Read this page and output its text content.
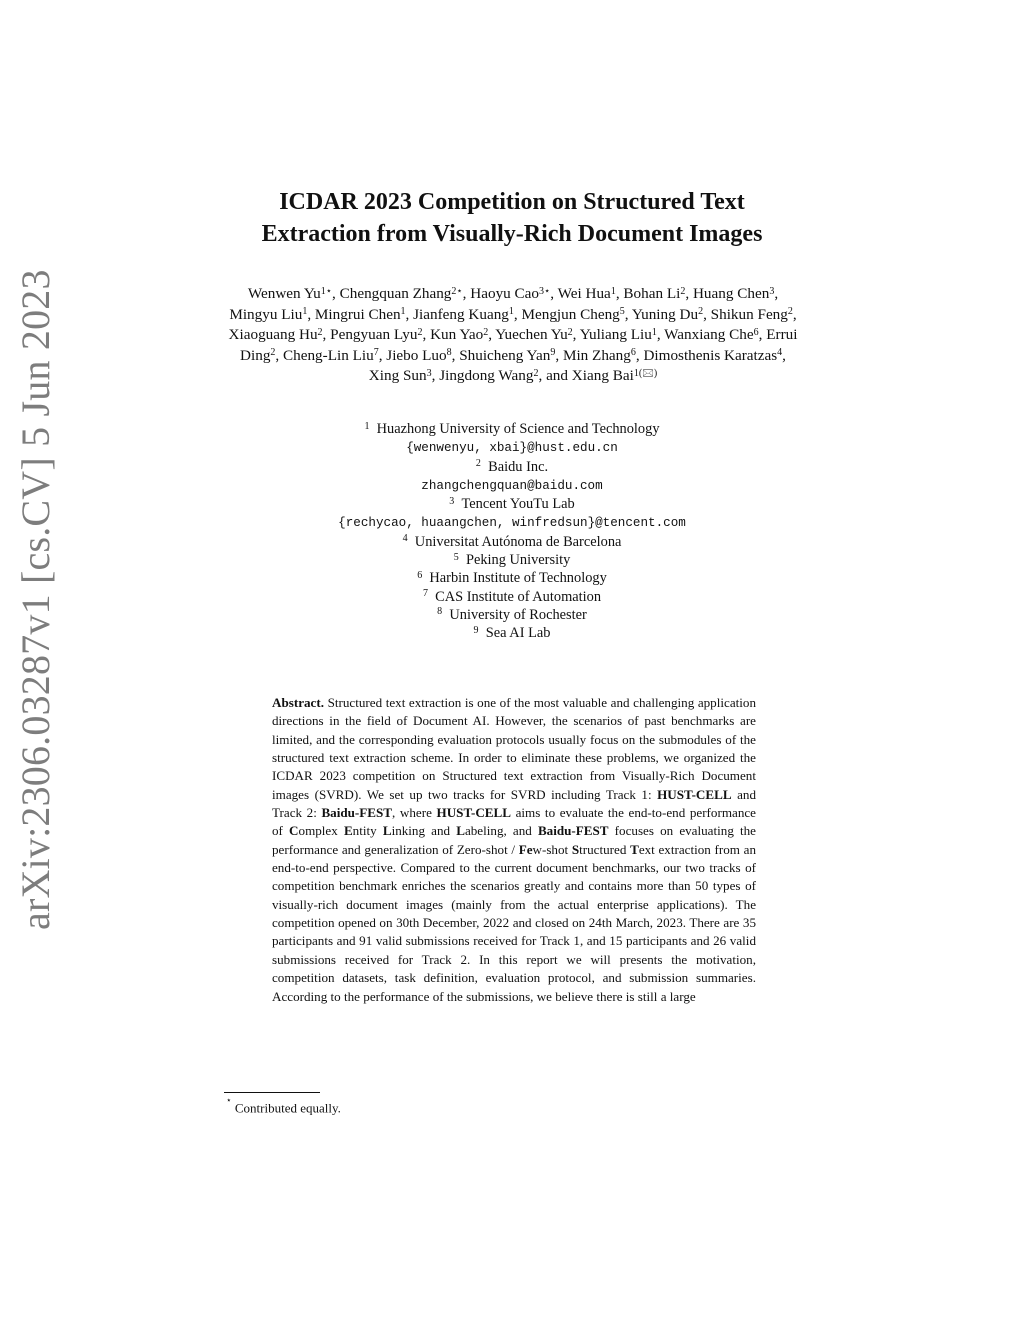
arXiv:2306.03287v1 [cs.CV] 5 Jun 2023
ICDAR 2023 Competition on Structured Text
Extraction from Visually-Rich Document Images

Wenwen $Yu^{1⋆}$, Chengquan Zhang$^{2⋆}$, Haoyu Cao$^{3⋆}$, Wei Hua$^1$, Bohan Li$^2$, Huang Chen$^3$, Mingyu Liu$^1$, Mingrui Chen$^1$, Jianfeng Kuang$^1$, Mengjun Cheng$^5$, Yuning Du$^2$, Shikun Feng$^2$, Xiaoguang Hu$^2$, Pengyuan Lyu$^2$, Kun Yao$^2$, Yuechen Yu$^2$, Yuliang Liu$^1$, Wanxiang Che$^6$, Errui Ding$^2$, Cheng-Lin Liu$^7$, Jiebo Luo$^8$, Shuicheng Yan$^9$, Min Zhang$^6$, Dimosthenis Karatzas$^4$, Xing Sun$^3$, Jingdong Wang$^2$, and Xiang Bai$^{1(🖂)}$

$^1$  Huazhong University of Science and Technology
{wenwenyu, xbai}@hust.edu.cn
$^2$  Baidu Inc.
zhangchengquan@baidu.com
$^3$  Tencent YouTu Lab
{rechycao, huaangchen, winfredsun}@tencent.com
$^4$  Universitat Autónoma de Barcelona
$^5$  Peking University
$^6$  Harbin Institute of Technology
$^7$  CAS Institute of Automation
$^8$  University of Rochester
$^9$  Sea AI Lab

Abstract. Structured text extraction is one of the most valuable and challenging application directions in the field of Document AI. However, the scenarios of past benchmarks are limited, and the corresponding evaluation protocols usually focus on the submodules of the structured text extraction scheme. In order to eliminate these problems, we organized the ICDAR 2023 competition on Structured text extraction from Visually-Rich Document images (SVRD). We set up two tracks for SVRD including Track 1: HUST-CELL and Track 2: Baidu-FEST, where HUST-CELL aims to evaluate the end-to-end performance of Complex Entity Linking and Labeling, and Baidu-FEST focuses on evaluating the performance and generalization of Zero-shot / Few-shot Structured Text extraction from an end-to-end perspective. Compared to the current document benchmarks, our two tracks of competition benchmark enriches the scenarios greatly and contains more than 50 types of visually-rich document images (mainly from the actual enterprise applications). The competition opened on 30th December, 2022 and closed on 24th March, 2023. There are 35 participants and 91 valid submissions received for Track 1, and 15 participants and 26 valid submissions received for Track 2. In this report we will presents the motivation, competition datasets, task definition, evaluation protocol, and submission summaries. According to the performance of the submissions, we believe there is still a large

⋆ Contributed equally.
